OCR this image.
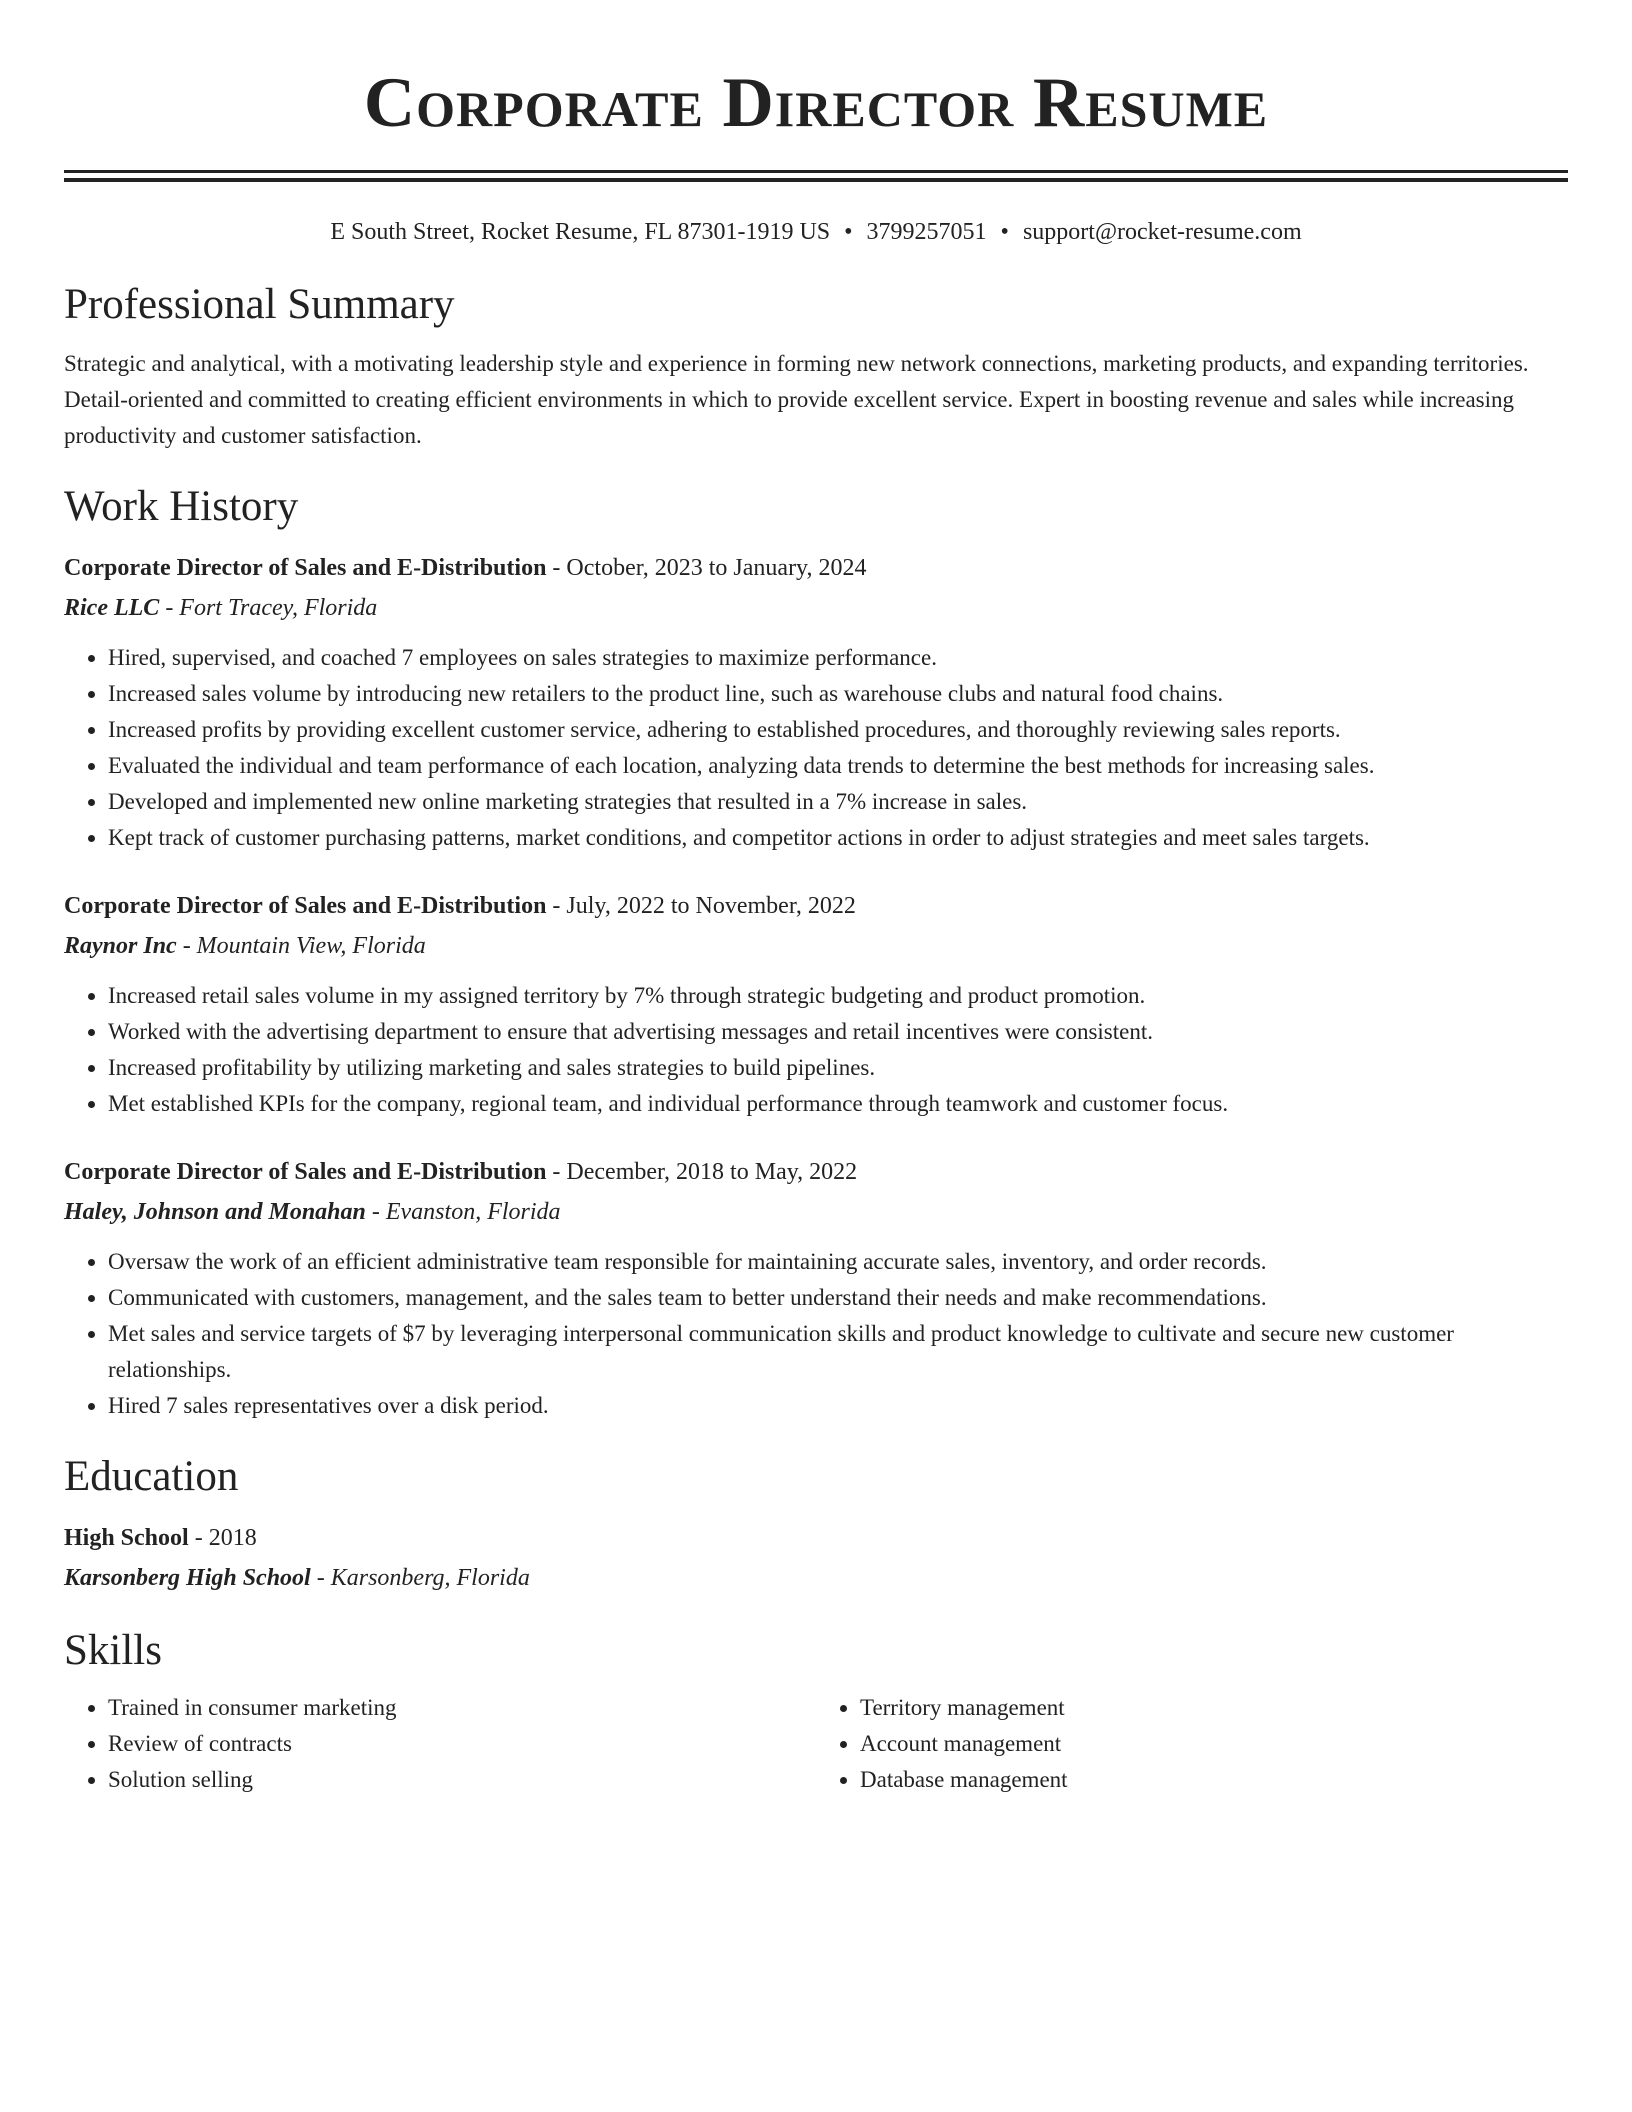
Corporate Director Resume
E South Street, Rocket Resume, FL 87301-1919 US • 3799257051 • support@rocket-resume.com
Professional Summary

Strategic and analytical, with a motivating leadership style and experience in forming new network connections, marketing products, and expanding territories. Detail-oriented and committed to creating efficient environments in which to provide excellent service. Expert in boosting revenue and sales while increasing productivity and customer satisfaction.

Work History

Corporate Director of Sales and E-Distribution - October, 2023 to January, 2024

Rice LLC - Fort Tracey, Florida

• Hired, supervised, and coached 7 employees on sales strategies to maximize performance.
• Increased sales volume by introducing new retailers to the product line, such as warehouse clubs and natural food chains.
• Increased profits by providing excellent customer service, adhering to established procedures, and thoroughly reviewing sales reports.
• Evaluated the individual and team performance of each location, analyzing data trends to determine the best methods for increasing sales.
• Developed and implemented new online marketing strategies that resulted in a 7% increase in sales.
• Kept track of customer purchasing patterns, market conditions, and competitor actions in order to adjust strategies and meet sales targets.

Corporate Director of Sales and E-Distribution - July, 2022 to November, 2022

Raynor Inc - Mountain View, Florida

• Increased retail sales volume in my assigned territory by 7% through strategic budgeting and product promotion.
• Worked with the advertising department to ensure that advertising messages and retail incentives were consistent.
• Increased profitability by utilizing marketing and sales strategies to build pipelines.
• Met established KPIs for the company, regional team, and individual performance through teamwork and customer focus.

Corporate Director of Sales and E-Distribution - December, 2018 to May, 2022

Haley, Johnson and Monahan - Evanston, Florida

• Oversaw the work of an efficient administrative team responsible for maintaining accurate sales, inventory, and order records.
• Communicated with customers, management, and the sales team to better understand their needs and make recommendations.
• Met sales and service targets of $7 by leveraging interpersonal communication skills and product knowledge to cultivate and secure new customer relationships.
• Hired 7 sales representatives over a disk period.
Education

High School - 2018

Karsonberg High School - Karsonberg, Florida

Skills
• Trained in consumer marketing
• Review of contracts
• Solution selling
• Territory management
• Account management
• Database management
